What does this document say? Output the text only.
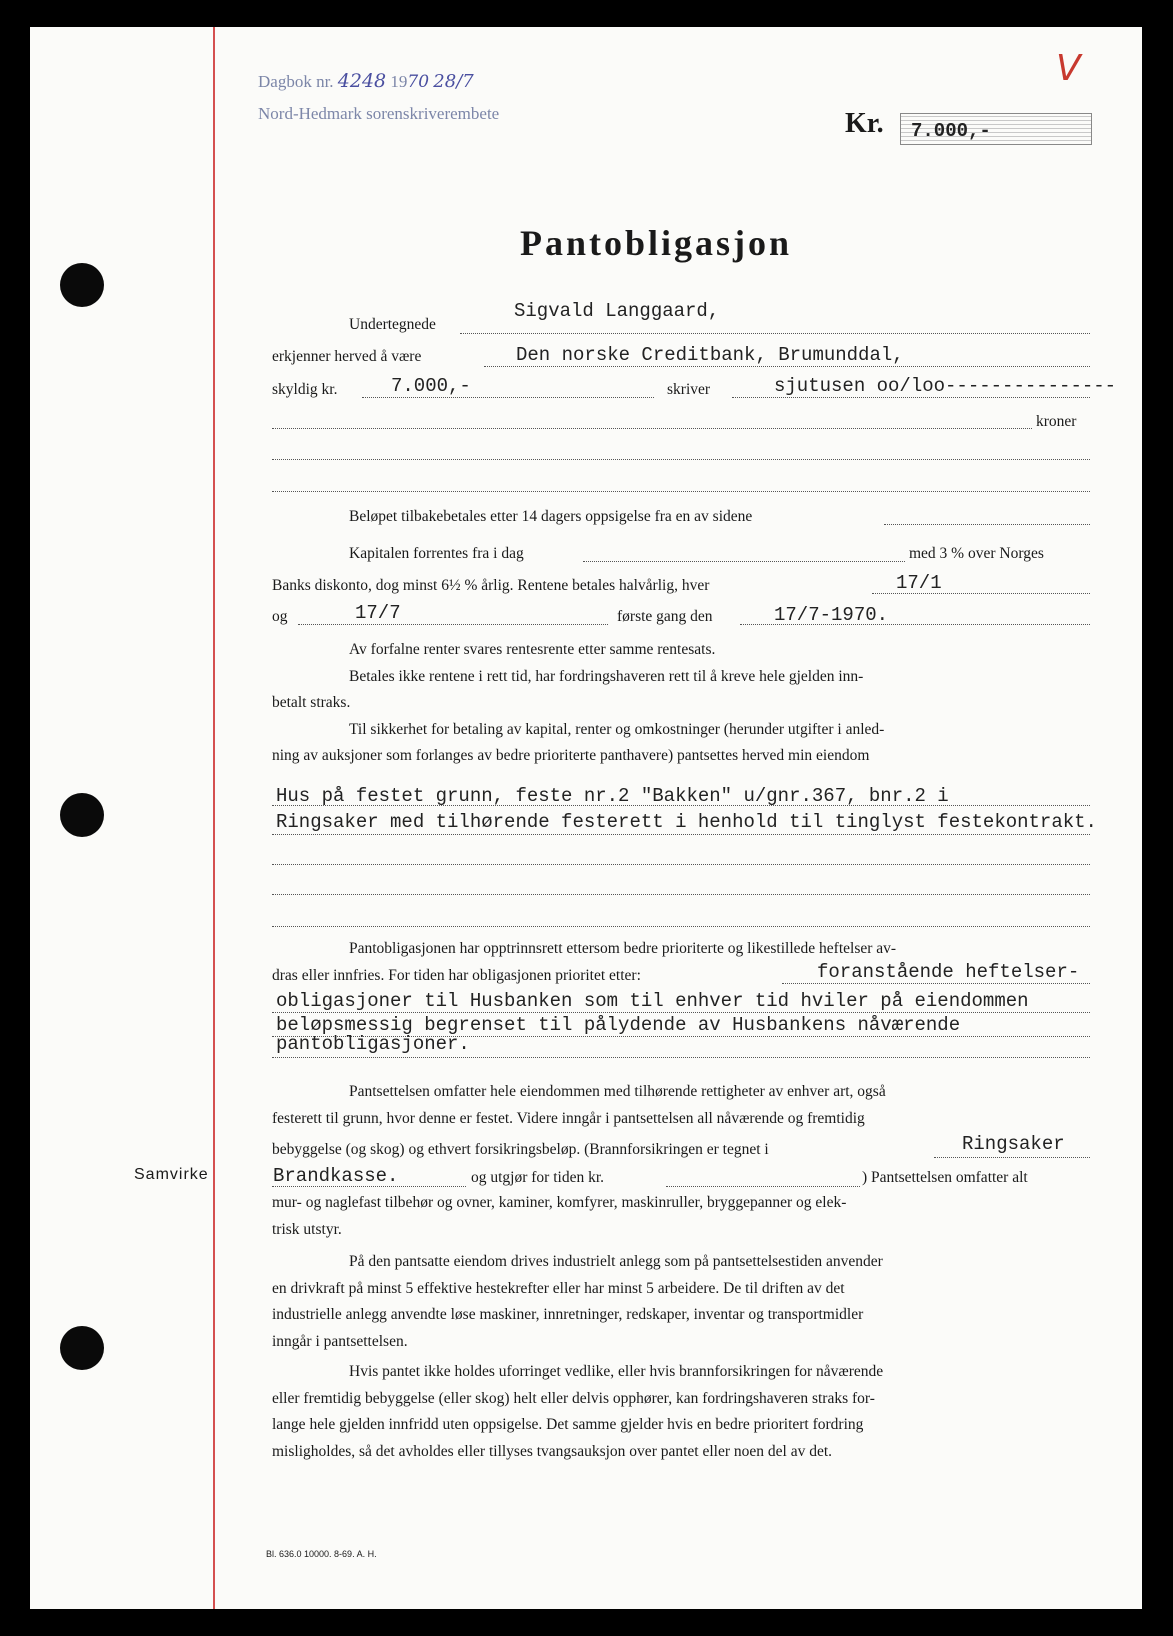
Dagbok nr. 4248 1970 28/7
Nord-Hedmark sorenskriverembete
V
Kr. 7.000,-
Pantobligasjon
Undertegnede
Sigvald Langgaard,
erkjenner herved å være	Den norske Creditbank, Brumunddal,
skyldig kr.	7.000,-	skriver	sjutusen oo/loo---------------
kroner
Beløpet tilbakebetales etter 14 dagers oppsigelse fra en av sidene
Kapitalen forrentes fra i dag	med 3 % over Norges
Banks diskonto, dog minst 6½ % årlig. Rentene betales halvårlig, hver	17/1
og	17/7	første gang den	17/7-1970.

Av forfalne renter svares rentesrente etter samme rentesats.

Betales ikke rentene i rett tid, har fordringshaveren rett til å kreve hele gjelden inn-

betalt straks.

Til sikkerhet for betaling av kapital, renter og omkostninger (herunder utgifter i anled-

ning av auksjoner som forlanges av bedre prioriterte panthavere) pantsettes herved min eiendom

Hus på festet grunn, feste nr.2 "Bakken" u/gnr.367, bnr.2 i
Ringsaker med tilhørende festerett i henhold til tinglyst festekontrakt.
Pantobligasjonen har opptrinnsrett ettersom bedre prioriterte og likestillede heftelser av-
dras eller innfries. For tiden har obligasjonen prioritet etter:	foranstående heftelser-
obligasjoner til Husbanken som til enhver tid hviler på eiendommen
beløpsmessig begrenset til pålydende av Husbankens nåværende
pantobligasjoner.

Pantsettelsen omfatter hele eiendommen med tilhørende rettigheter av enhver art, også

festerett til grunn, hvor denne er festet. Videre inngår i pantsettelsen all nåværende og fremtidig

bebyggelse (og skog) og ethvert forsikringsbeløp. (Brannforsikringen er tegnet i	Ringsaker
Samvirke	Brandkasse.	og utgjør for tiden kr.	) Pantsettelsen omfatter alt

mur- og naglefast tilbehør og ovner, kaminer, komfyrer, maskinruller, bryggepanner og elek-

trisk utstyr.

På den pantsatte eiendom drives industrielt anlegg som på pantsettelsestiden anvender

en drivkraft på minst 5 effektive hestekrefter eller har minst 5 arbeidere. De til driften av det

industrielle anlegg anvendte løse maskiner, innretninger, redskaper, inventar og transportmidler

inngår i pantsettelsen.

Hvis pantet ikke holdes uforringet vedlike, eller hvis brannforsikringen for nåværende

eller fremtidig bebyggelse (eller skog) helt eller delvis opphører, kan fordringshaveren straks for-

lange hele gjelden innfridd uten oppsigelse. Det samme gjelder hvis en bedre prioritert fordring

misligholdes, så det avholdes eller tillyses tvangsauksjon over pantet eller noen del av det.

Bl. 636.0 10000. 8-69. A. H.
